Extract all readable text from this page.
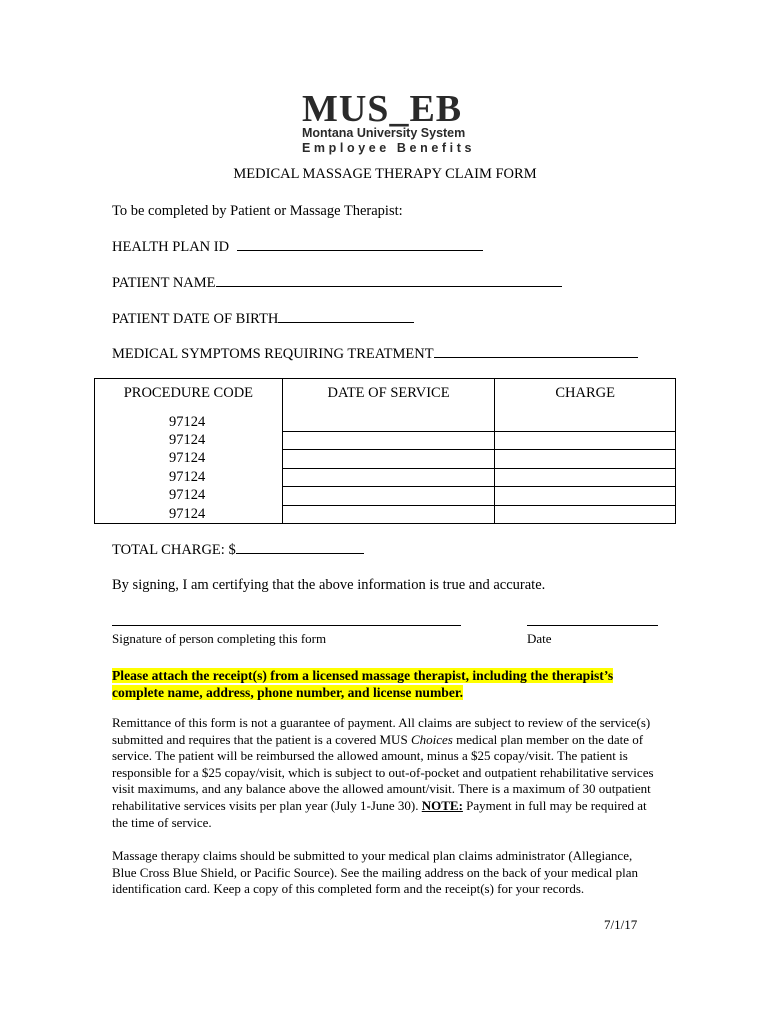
MUS_EB
Montana University System
Employee Benefits
MEDICAL MASSAGE THERAPY CLAIM FORM
To be completed by Patient or Massage Therapist:
HEALTH PLAN ID
PATIENT NAME
PATIENT DATE OF BIRTH
MEDICAL SYMPTOMS REQUIRING TREATMENT
PROCEDURE CODE	DATE OF SERVICE	CHARGE
97124		
97124		
97124		
97124		
97124		
97124		
TOTAL CHARGE: $
By signing, I am certifying that the above information is true and accurate.
Signature of person completing this form	Date
Please attach the receipt(s) from a licensed massage therapist, including the therapist’s complete name, address, phone number, and license number.
Remittance of this form is not a guarantee of payment. All claims are subject to review of the service(s) submitted and requires that the patient is a covered MUS Choices medical plan member on the date of service. The patient will be reimbursed the allowed amount, minus a $25 copay/visit. The patient is responsible for a $25 copay/visit, which is subject to out-of-pocket and outpatient rehabilitative services visit maximums, and any balance above the allowed amount/visit. There is a maximum of 30 outpatient rehabilitative services visits per plan year (July 1-June 30). NOTE: Payment in full may be required at the time of service.
Massage therapy claims should be submitted to your medical plan claims administrator (Allegiance, Blue Cross Blue Shield, or Pacific Source). See the mailing address on the back of your medical plan identification card. Keep a copy of this completed form and the receipt(s) for your records.
7/1/17
